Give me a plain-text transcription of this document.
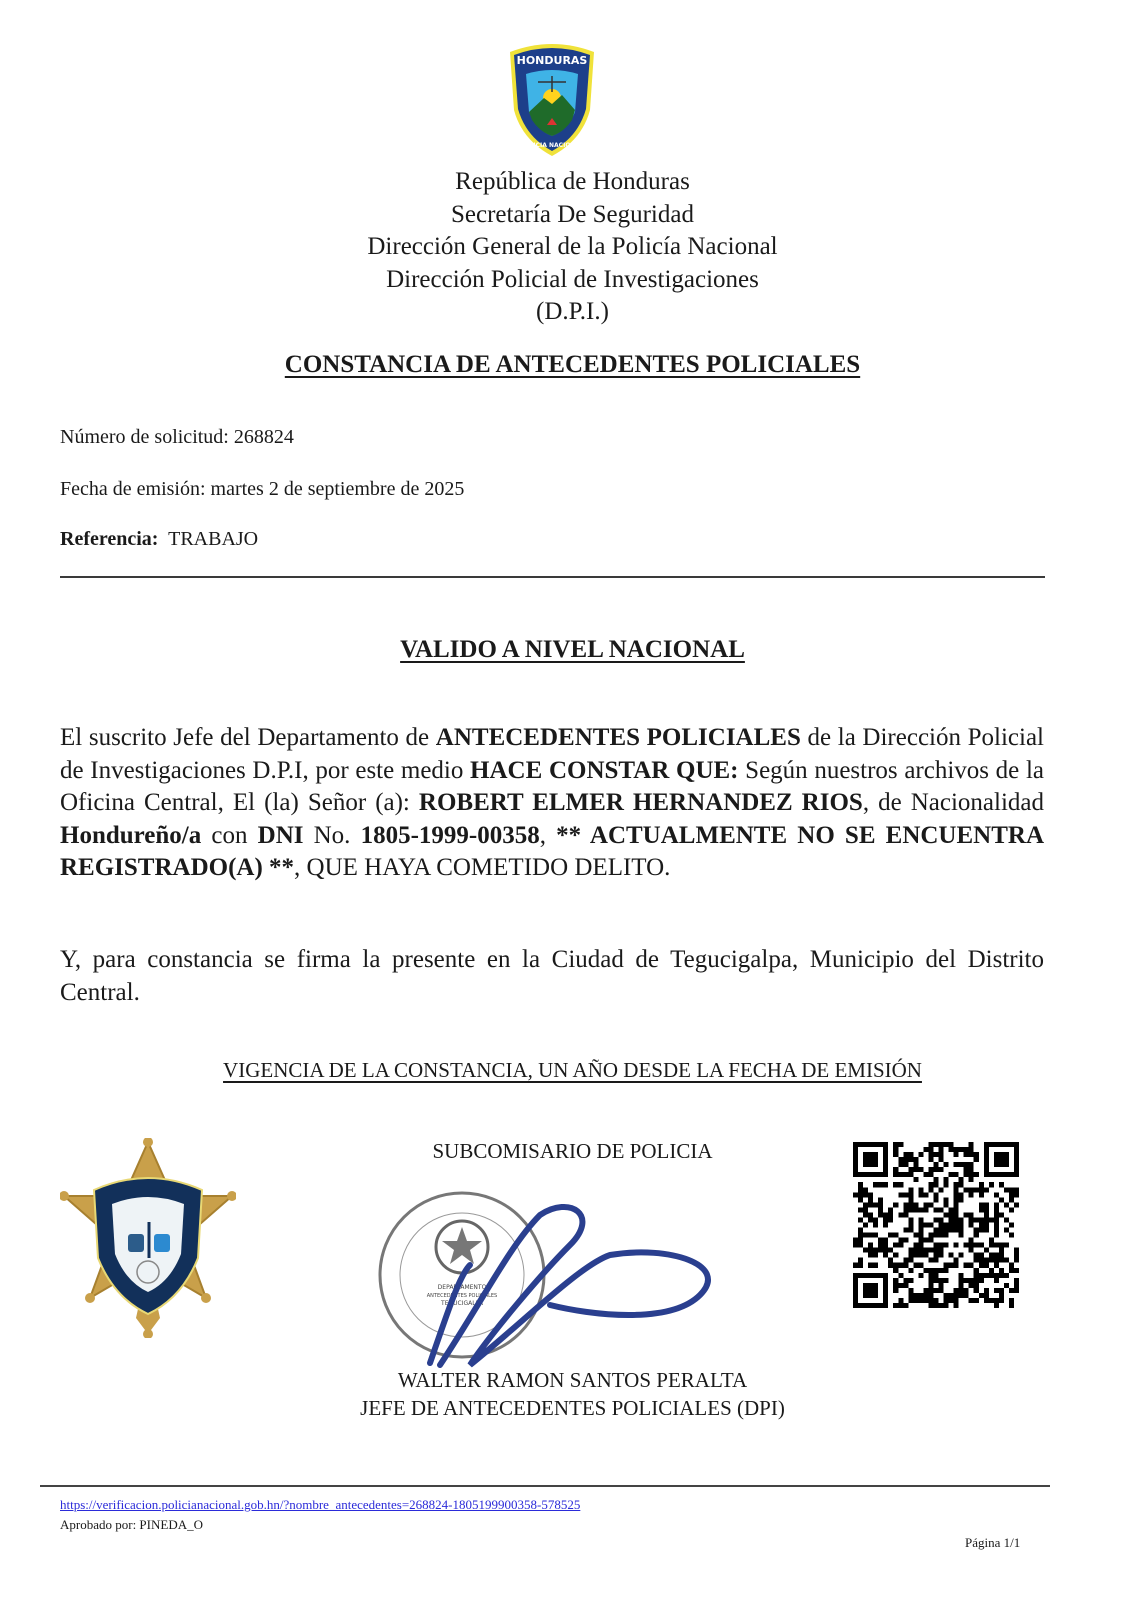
HONDURAS
POLICIA NACIONAL
República de Honduras
Secretaría De Seguridad
Dirección General de la Policía Nacional
Dirección Policial de Investigaciones
(D.P.I.)
CONSTANCIA DE ANTECEDENTES POLICIALES
Número de solicitud: 268824
Fecha de emisión: martes 2 de septiembre de 2025
Referencia: TRABAJO
VALIDO A NIVEL NACIONAL
El suscrito Jefe del Departamento de ANTECEDENTES POLICIALES de la Dirección Policial de Investigaciones D.P.I, por este medio HACE CONSTAR QUE: Según nuestros archivos de la Oficina Central, El (la) Señor (a): ROBERT ELMER HERNANDEZ RIOS, de Nacionalidad Hondureño/a con DNI No. 1805-1999-00358, ** ACTUALMENTE NO SE ENCUENTRA REGISTRADO(A) **, QUE HAYA COMETIDO DELITO.
Y, para constancia se firma la presente en la Ciudad de Tegucigalpa, Municipio del Distrito Central.
VIGENCIA DE LA CONSTANCIA, UN AÑO DESDE LA FECHA DE EMISIÓN
SUBCOMISARIO DE POLICIA
DEPARTAMENTO
ANTECEDENTES POLICIALES
TEGUCIGALPA
WALTER RAMON SANTOS PERALTA
JEFE DE ANTECEDENTES POLICIALES (DPI)
https://verificacion.policianacional.gob.hn/?nombre_antecedentes=268824-1805199900358-578525
Aprobado por: PINEDA_O
Página 1/1
